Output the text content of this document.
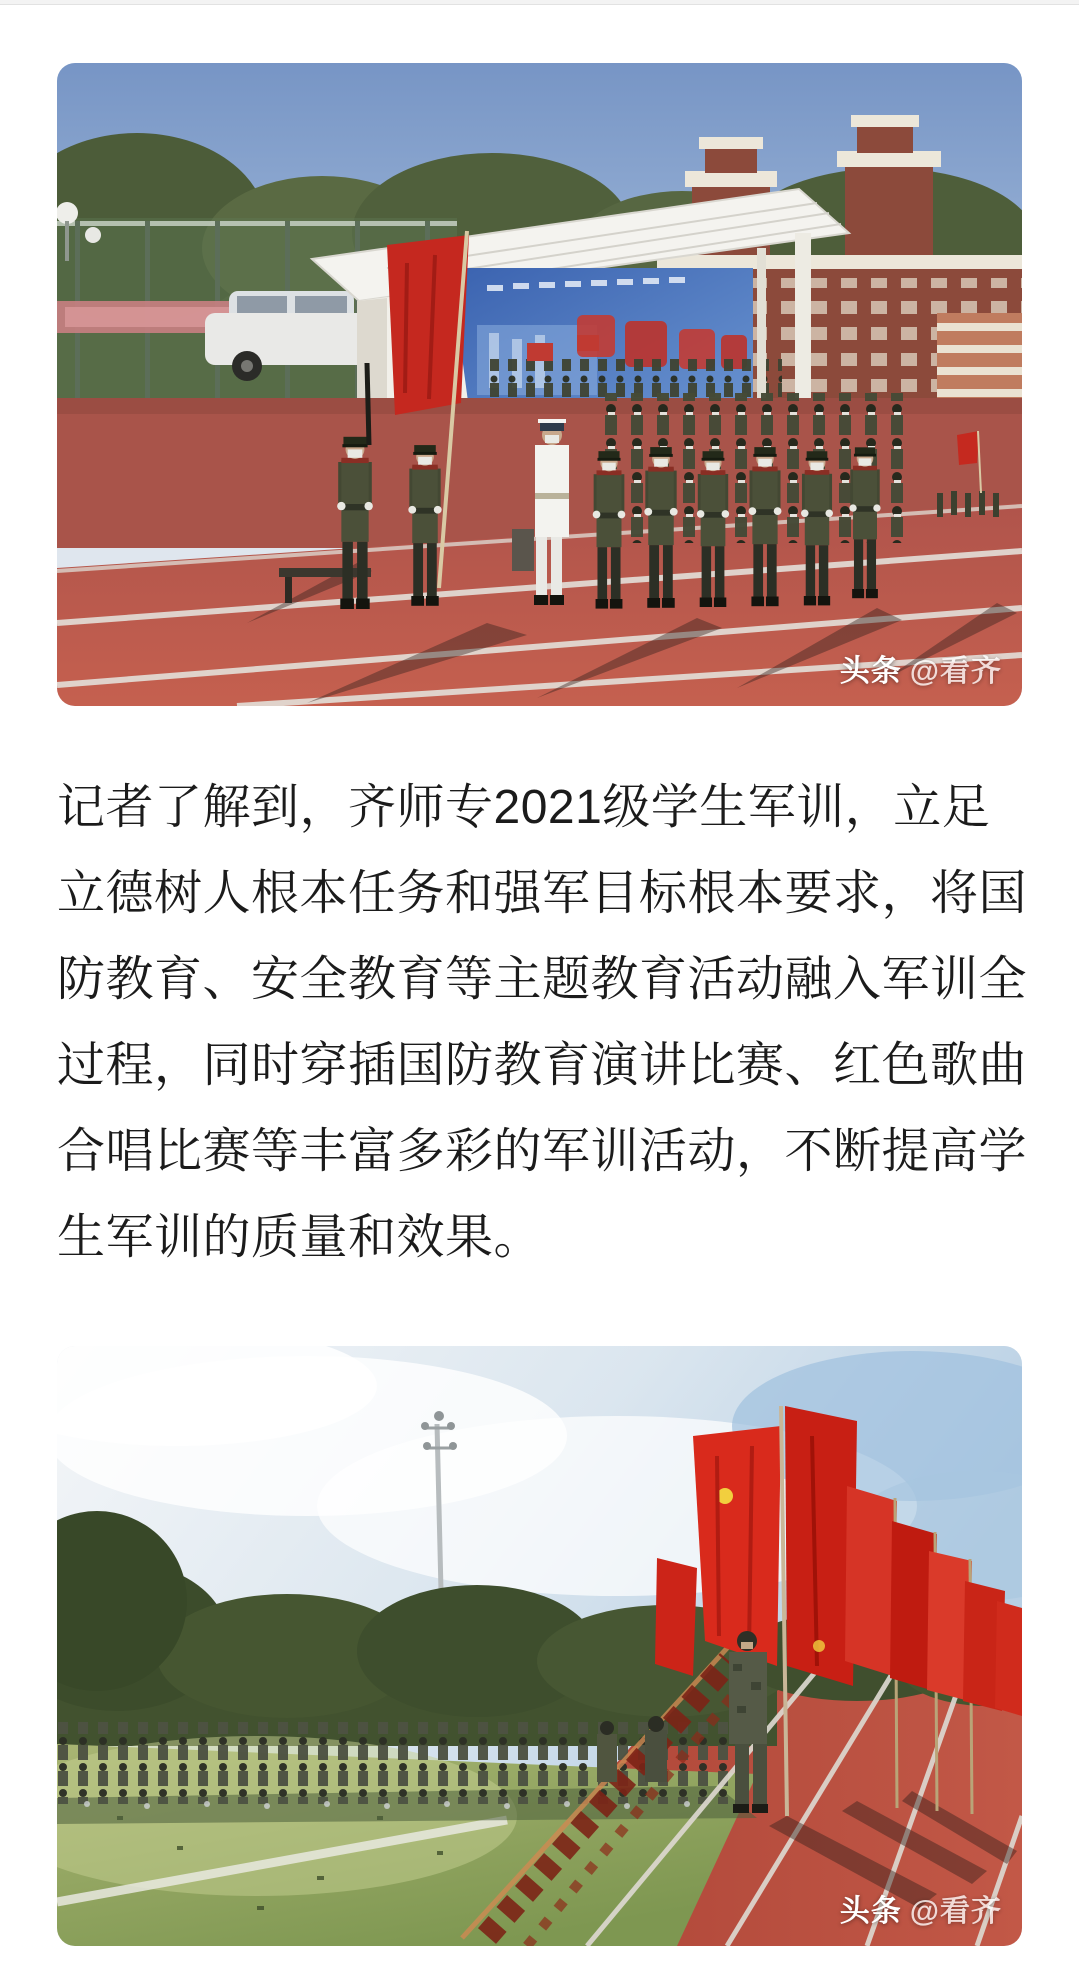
头条 @看齐
记者了解到，齐师专2021级学生军训，立足
立德树人根本任务和强军目标根本要求，将国
防教育、安全教育等主题教育活动融入军训全
过程，同时穿插国防教育演讲比赛、红色歌曲
合唱比赛等丰富多彩的军训活动，不断提高学
生军训的质量和效果。
头条 @看齐
